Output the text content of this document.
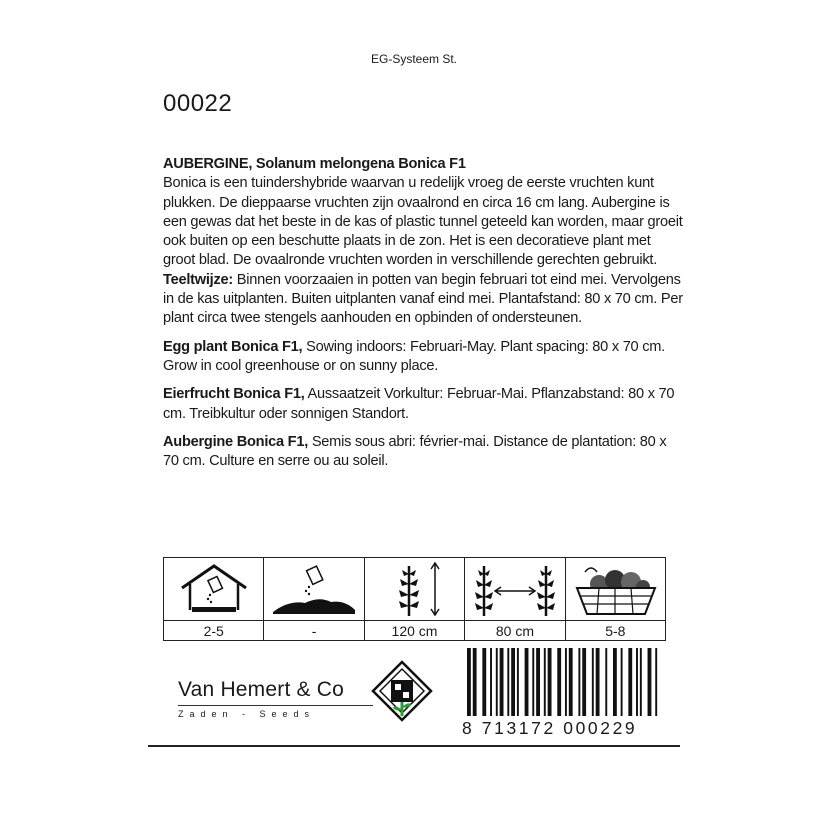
EG-Systeem St.
00022

AUBERGINE, Solanum melongena Bonica F1
Bonica is een tuindershybride waarvan u redelijk vroeg de eerste vruchten kunt plukken. De dieppaarse vruchten zijn ovaalrond en circa 16 cm lang. Aubergine is een gewas dat het beste in de kas of plastic tunnel geteeld kan worden, maar groeit ook buiten op een beschutte plaats in de zon. Het is een decoratieve plant met groot blad. De ovaalronde vruchten worden in verschillende gerechten gebruikt.
Teeltwijze: Binnen voorzaaien in potten van begin februari tot eind mei. Vervolgens in de kas uitplanten. Buiten uitplanten vanaf eind mei. Plantafstand: 80 x 70 cm. Per plant circa twee stengels aanhouden en opbinden of ondersteunen.

Egg plant Bonica F1, Sowing indoors: Februari-May. Plant spacing: 80 x 70 cm. Grow in cool greenhouse or on sunny place.

Eierfrucht Bonica F1, Aussaatzeit Vorkultur: Februar-Mai. Pflanzabstand: 80 x 70 cm. Treibkultur oder sonnigen Standort.

Aubergine Bonica F1, Semis sous abri: février-mai. Distance de plantation: 80 x 70 cm. Culture en serre ou au soleil.

2-5	-	120 cm	80 cm	5-8
Van Hemert & Co
Zaden - Seeds
8 713172 000229
